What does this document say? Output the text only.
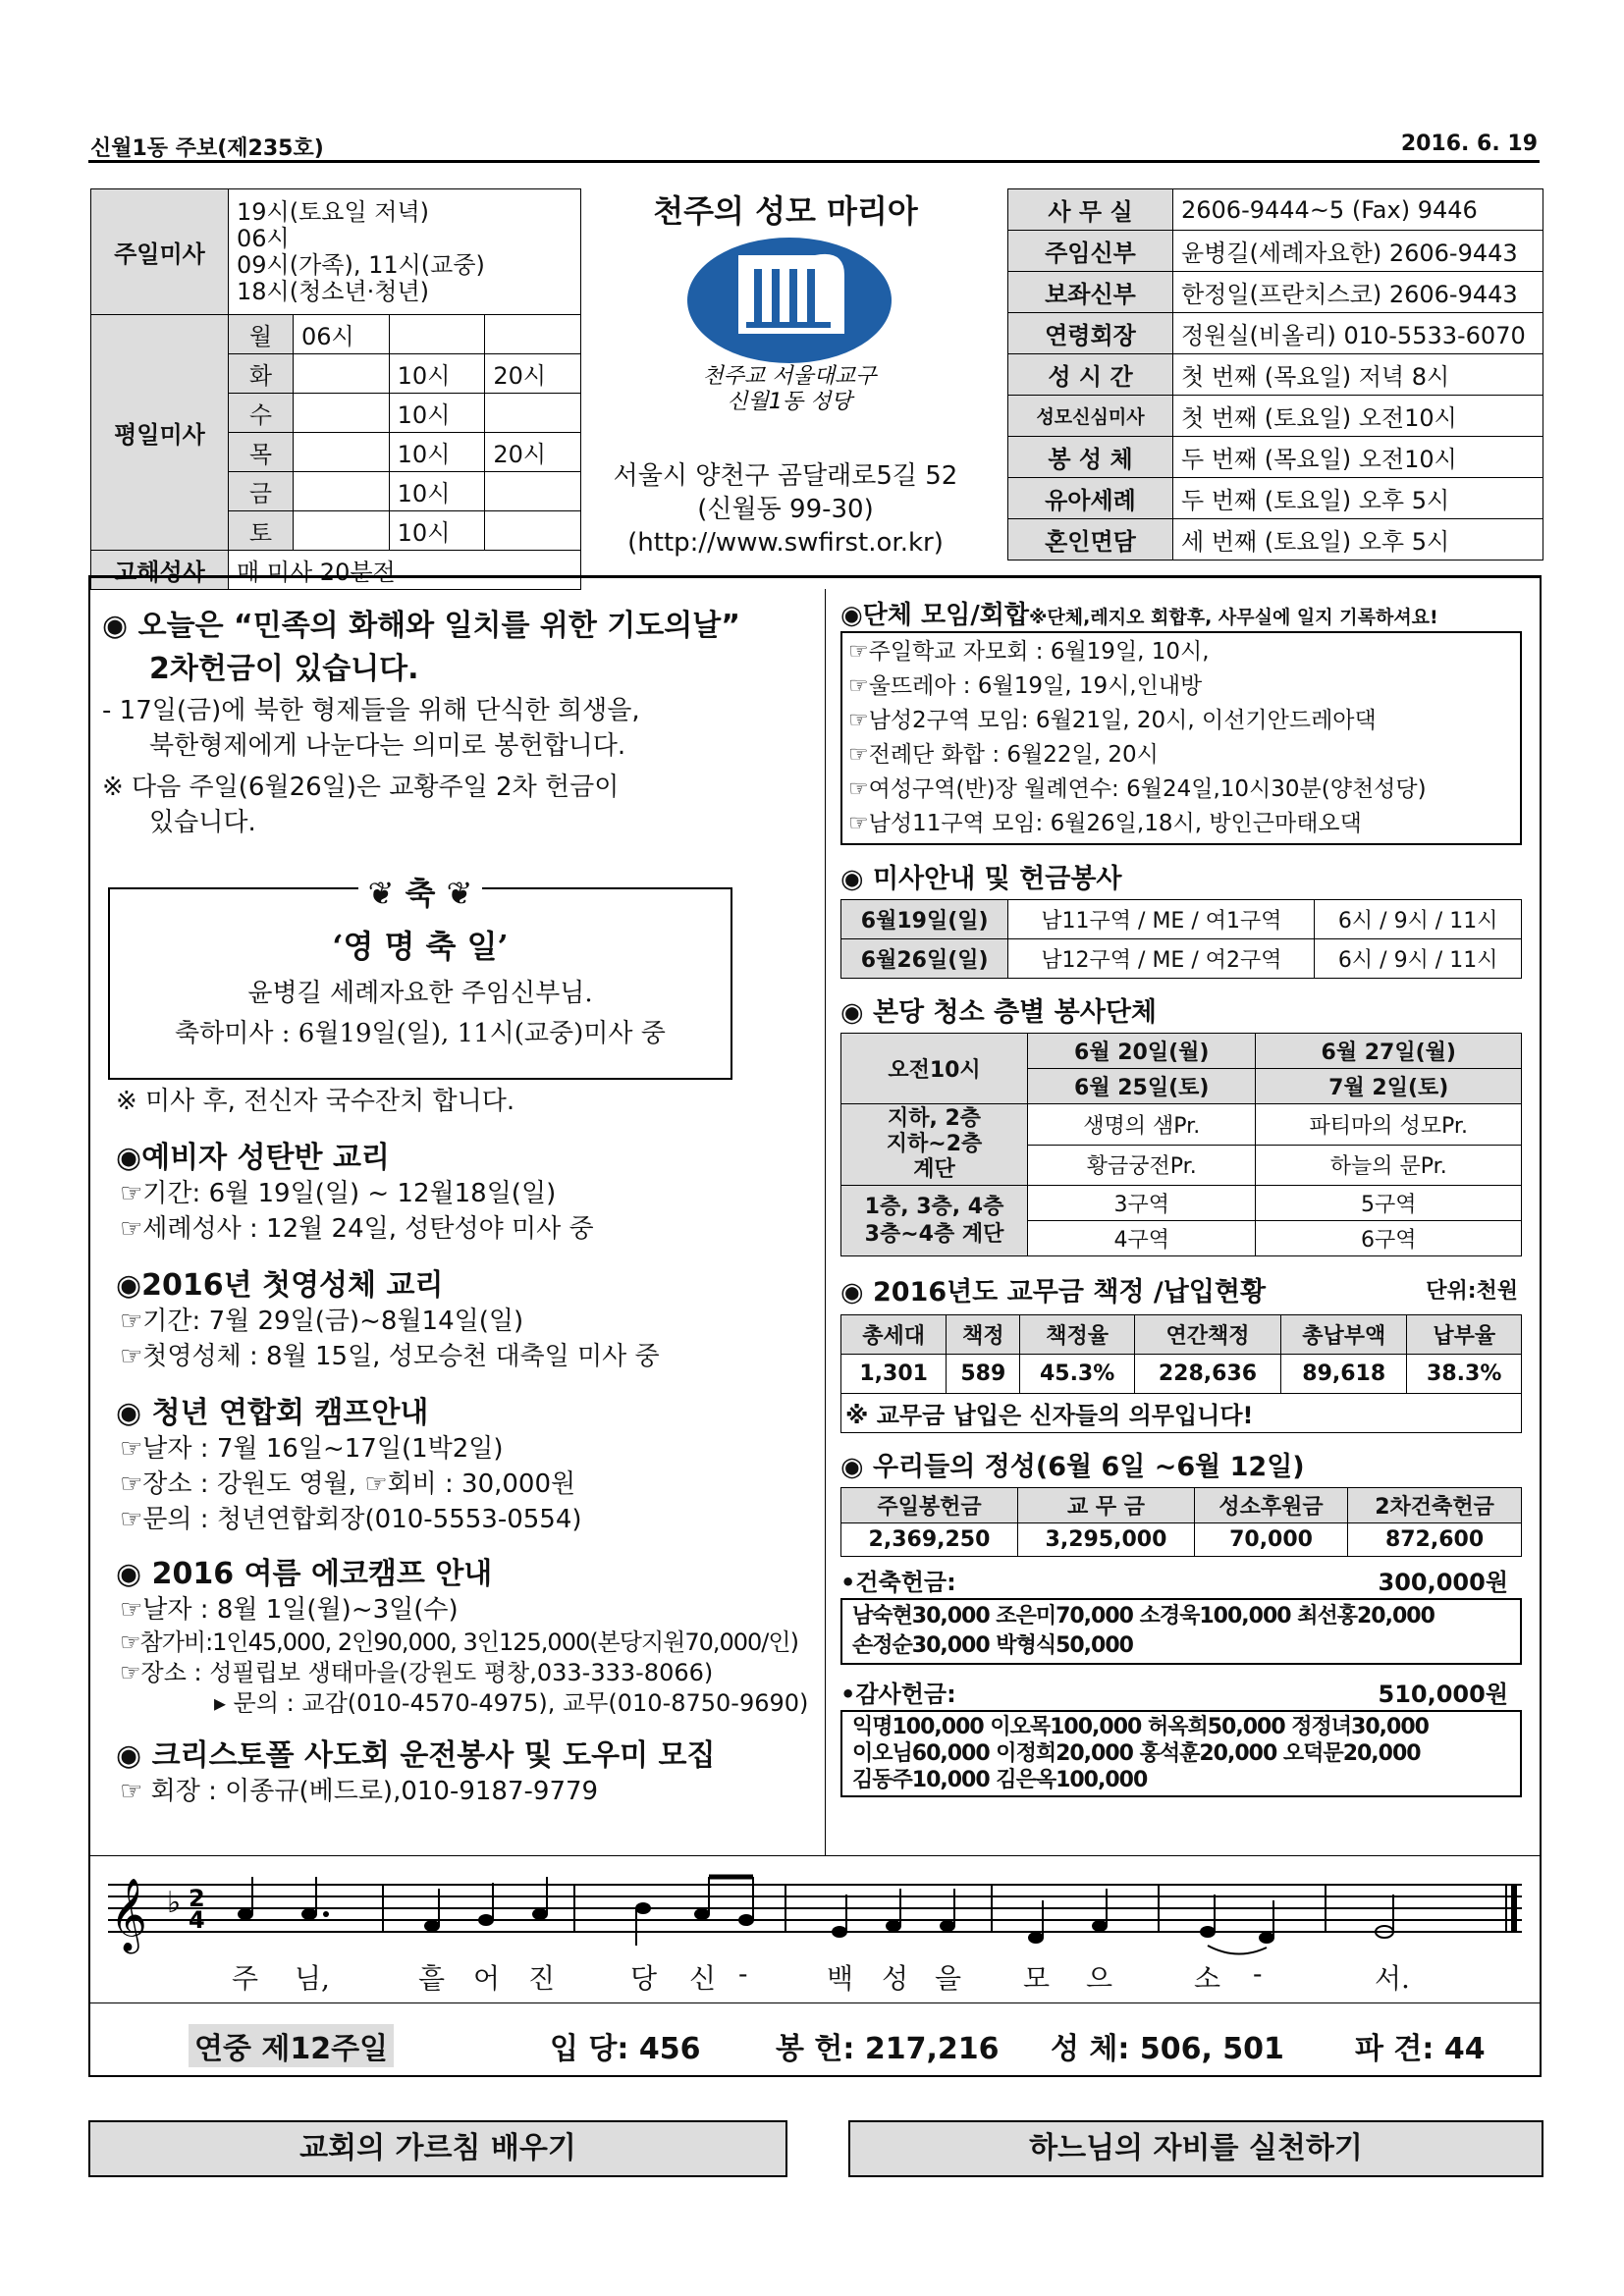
신월1동 주보(제235호)	2016. 6. 19
주일미사	19시(토요일 저녁)
06시
09시(가족), 11시(교중)
18시(청소년·청년)			

평일미사	월	06시		
	화		10시	20시
	수		10시	
	목		10시	20시
	금		10시	
	토		10시	
고해성사	매 미사 20분전			
천주의 성모 마리아
천주교 서울대교구
신월1동 성당
서울시 양천구 곰달래로5길 52
(신월동 99-30)
(http://www.swfirst.or.kr)
사 무 실	2606-9444~5 (Fax) 9446
주임신부	윤병길(세례자요한) 2606-9443
보좌신부	한정일(프란치스코) 2606-9443
연령회장	정원실(비올리) 010-5533-6070
성 시 간	첫 번째 (목요일) 저녁 8시
성모신심미사	첫 번째 (토요일) 오전10시
봉 성 체	두 번째 (목요일) 오전10시
유아세례	두 번째 (토요일) 오후 5시
혼인면담	세 번째 (토요일) 오후 5시
◉ 오늘은 “민족의 화해와 일치를 위한 기도의날”
2차헌금이 있습니다.
- 17일(금)에 북한 형제들을 위해 단식한 희생을,
북한형제에게 나눈다는 의미로 봉헌합니다.
※ 다음 주일(6월26일)은 교황주일 2차 헌금이
있습니다.
❦ 축 ❦
‘영 명 축 일’
윤병길 세례자요한 주임신부님.
축하미사 : 6월19일(일), 11시(교중)미사 중
※ 미사 후, 전신자 국수잔치 합니다.
◉예비자 성탄반 교리
☞기간: 6월 19일(일) ~ 12월18일(일)
☞세례성사 : 12월 24일, 성탄성야 미사 중
◉2016년 첫영성체 교리
☞기간: 7월 29일(금)~8월14일(일)
☞첫영성체 : 8월 15일, 성모승천 대축일 미사 중
◉ 청년 연합회 캠프안내
☞날자 : 7월 16일~17일(1박2일)
☞장소 : 강원도 영월, ☞회비 : 30,000원
☞문의 : 청년연합회장(010-5553-0554)
◉ 2016 여름 에코캠프 안내
☞날자 : 8월 1일(월)~3일(수)
☞참가비:1인45,000, 2인90,000, 3인125,000(본당지원70,000/인)
☞장소 : 성필립보 생태마을(강원도 평창,033-333-8066)
▸ 문의 : 교감(010-4570-4975), 교무(010-8750-9690)
◉ 크리스토폴 사도회 운전봉사 및 도우미 모집
☞ 회장 : 이종규(베드로),010-9187-9779
◉단체 모임/회합※단체,레지오 회합후, 사무실에 일지 기록하셔요!
☞주일학교 자모회 : 6월19일, 10시,
☞울뜨레아 : 6월19일, 19시,인내방
☞남성2구역 모임: 6월21일, 20시, 이선기안드레아댁
☞전례단 화합 : 6월22일, 20시
☞여성구역(반)장 월례연수: 6월24일,10시30분(양천성당)
☞남성11구역 모임: 6월26일,18시, 방인근마태오댁
◉ 미사안내 및 헌금봉사
6월19일(일)	남11구역 / ME / 여1구역	6시 / 9시 / 11시
6월26일(일)	남12구역 / ME / 여2구역	6시 / 9시 / 11시
◉ 본당 청소 층별 봉사단체
오전10시	6월 20일(월)	6월 27일(월)
	6월 25일(토)	7월 2일(토)

지하, 2층
지하~2층
계단	생명의 샘Pr.	파티마의 성모Pr.
	황금궁전Pr.	하늘의 문Pr.

1층, 3층, 4층
3층~4층 계단	3구역	5구역
	4구역	6구역
◉ 2016년도 교무금 책정 /납입현황	단위:천원
총세대	책정	책정율	연간책정	총납부액	납부율
1,301	589	45.3%	228,636	89,618	38.3%
※ 교무금 납입은 신자들의 의무입니다!					
◉ 우리들의 정성(6월 6일 ~6월 12일)
주일봉헌금	교 무 금	성소후원금	2차건축헌금
2,369,250	3,295,000	70,000	872,600
•건축헌금:	300,000원
남숙현30,000 조은미70,000 소경욱100,000 최선홍20,000
손정순30,000 박형식50,000
•감사헌금:	510,000원
익명100,000 이오목100,000 허옥희50,000 정정녀30,000
이오님60,000 이정희20,000 홍석훈20,000 오덕문20,000
김동주10,000 김은옥100,000
𝄞 ♭ 2
4
주 님,	흩 어 진	당 신 -	백 성 을 모 으	소 -	서.
연중 제12주일	입 당: 456	봉 헌: 217,216 성 체: 506, 501 파 견: 44
교회의 가르침 배우기	하느님의 자비를 실천하기
